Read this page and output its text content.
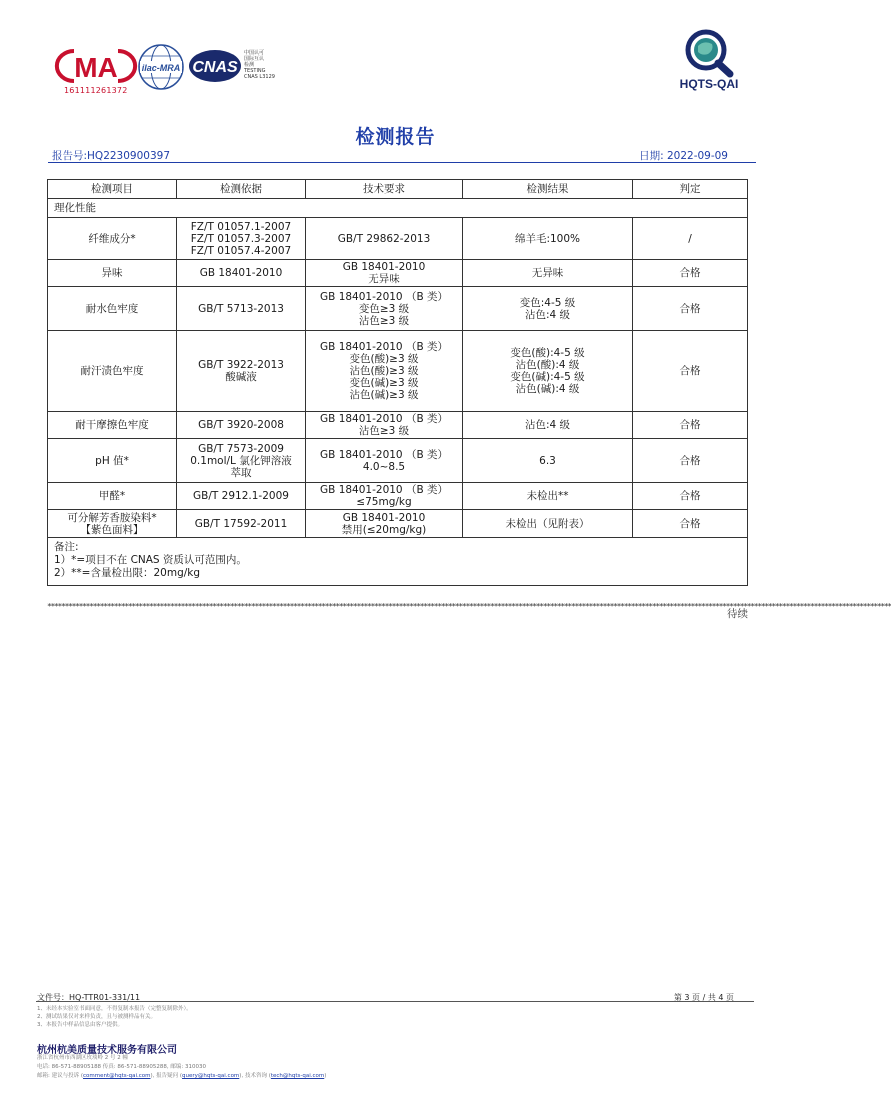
MA
161111261372
ilac-MRA CNAS
中国认可
国际互认
检测
TESTING
CNAS L3129	HQTS-QAI
检测报告
报告号:HQ2230900397	日期: 2022-09-09
检测项目	检测依据	技术要求	检测结果	判定
理化性能				

纤维成分*	FZ/T 01057.1-2007
FZ/T 01057.3-2007
FZ/T 01057.4-2007	GB/T 29862-2013	绵羊毛:100%	/

异味	GB 18401-2010	GB 18401-2010
无异味	无异味	合格

耐水色牢度	GB/T 5713-2013	GB 18401-2010 （B 类）
变色≥3 级
沾色≥3 级	变色:4-5 级
沾色:4 级	合格

耐汗渍色牢度	GB/T 3922-2013
酸碱液	GB 18401-2010 （B 类）
变色(酸)≥3 级
沾色(酸)≥3 级
变色(碱)≥3 级
沾色(碱)≥3 级	变色(酸):4-5 级
沾色(酸):4 级
变色(碱):4-5 级
沾色(碱):4 级	合格

耐干摩擦色牢度	GB/T 3920-2008	GB 18401-2010 （B 类）
沾色≥3 级	沾色:4 级	合格

pH 值*	GB/T 7573-2009
0.1mol/L 氯化钾溶液
萃取	GB 18401-2010 （B 类）
4.0~8.5	6.3	合格

甲醛*	GB/T 2912.1-2009	GB 18401-2010 （B 类）
≤75mg/kg	未检出**	合格

可分解芳香胺染料*
【紫色面料】	GB/T 17592-2011	GB 18401-2010
禁用(≤20mg/kg)	未检出（见附表）	合格

备注:
1）*=项目不在 CNAS 资质认可范围内。
2）**=含量检出限：20mg/kg				
************************************************************************************************************************************************************************************************************************************************
待续
文件号：HQ-TTR01-331/11	第 3 页 / 共 4 页
1、未经本实验室书面同意，不得复制本报告（完整复制除外）。
2、测试结果仅对来样负责，且与被测样品有关。
3、本报告中样品信息由客户提供。
杭州杭美质量技术服务有限公司
浙江省杭州市西湖区玫琰岭 2 号 2 幢
电话: 86-571-88905188 传真: 86-571-88905288, 邮编: 310030
邮箱: 建议与投诉 (comment@hqts-qai.com), 报告疑问 (query@hqts-qai.com), 技术咨询 (tech@hqts-qai.com)
